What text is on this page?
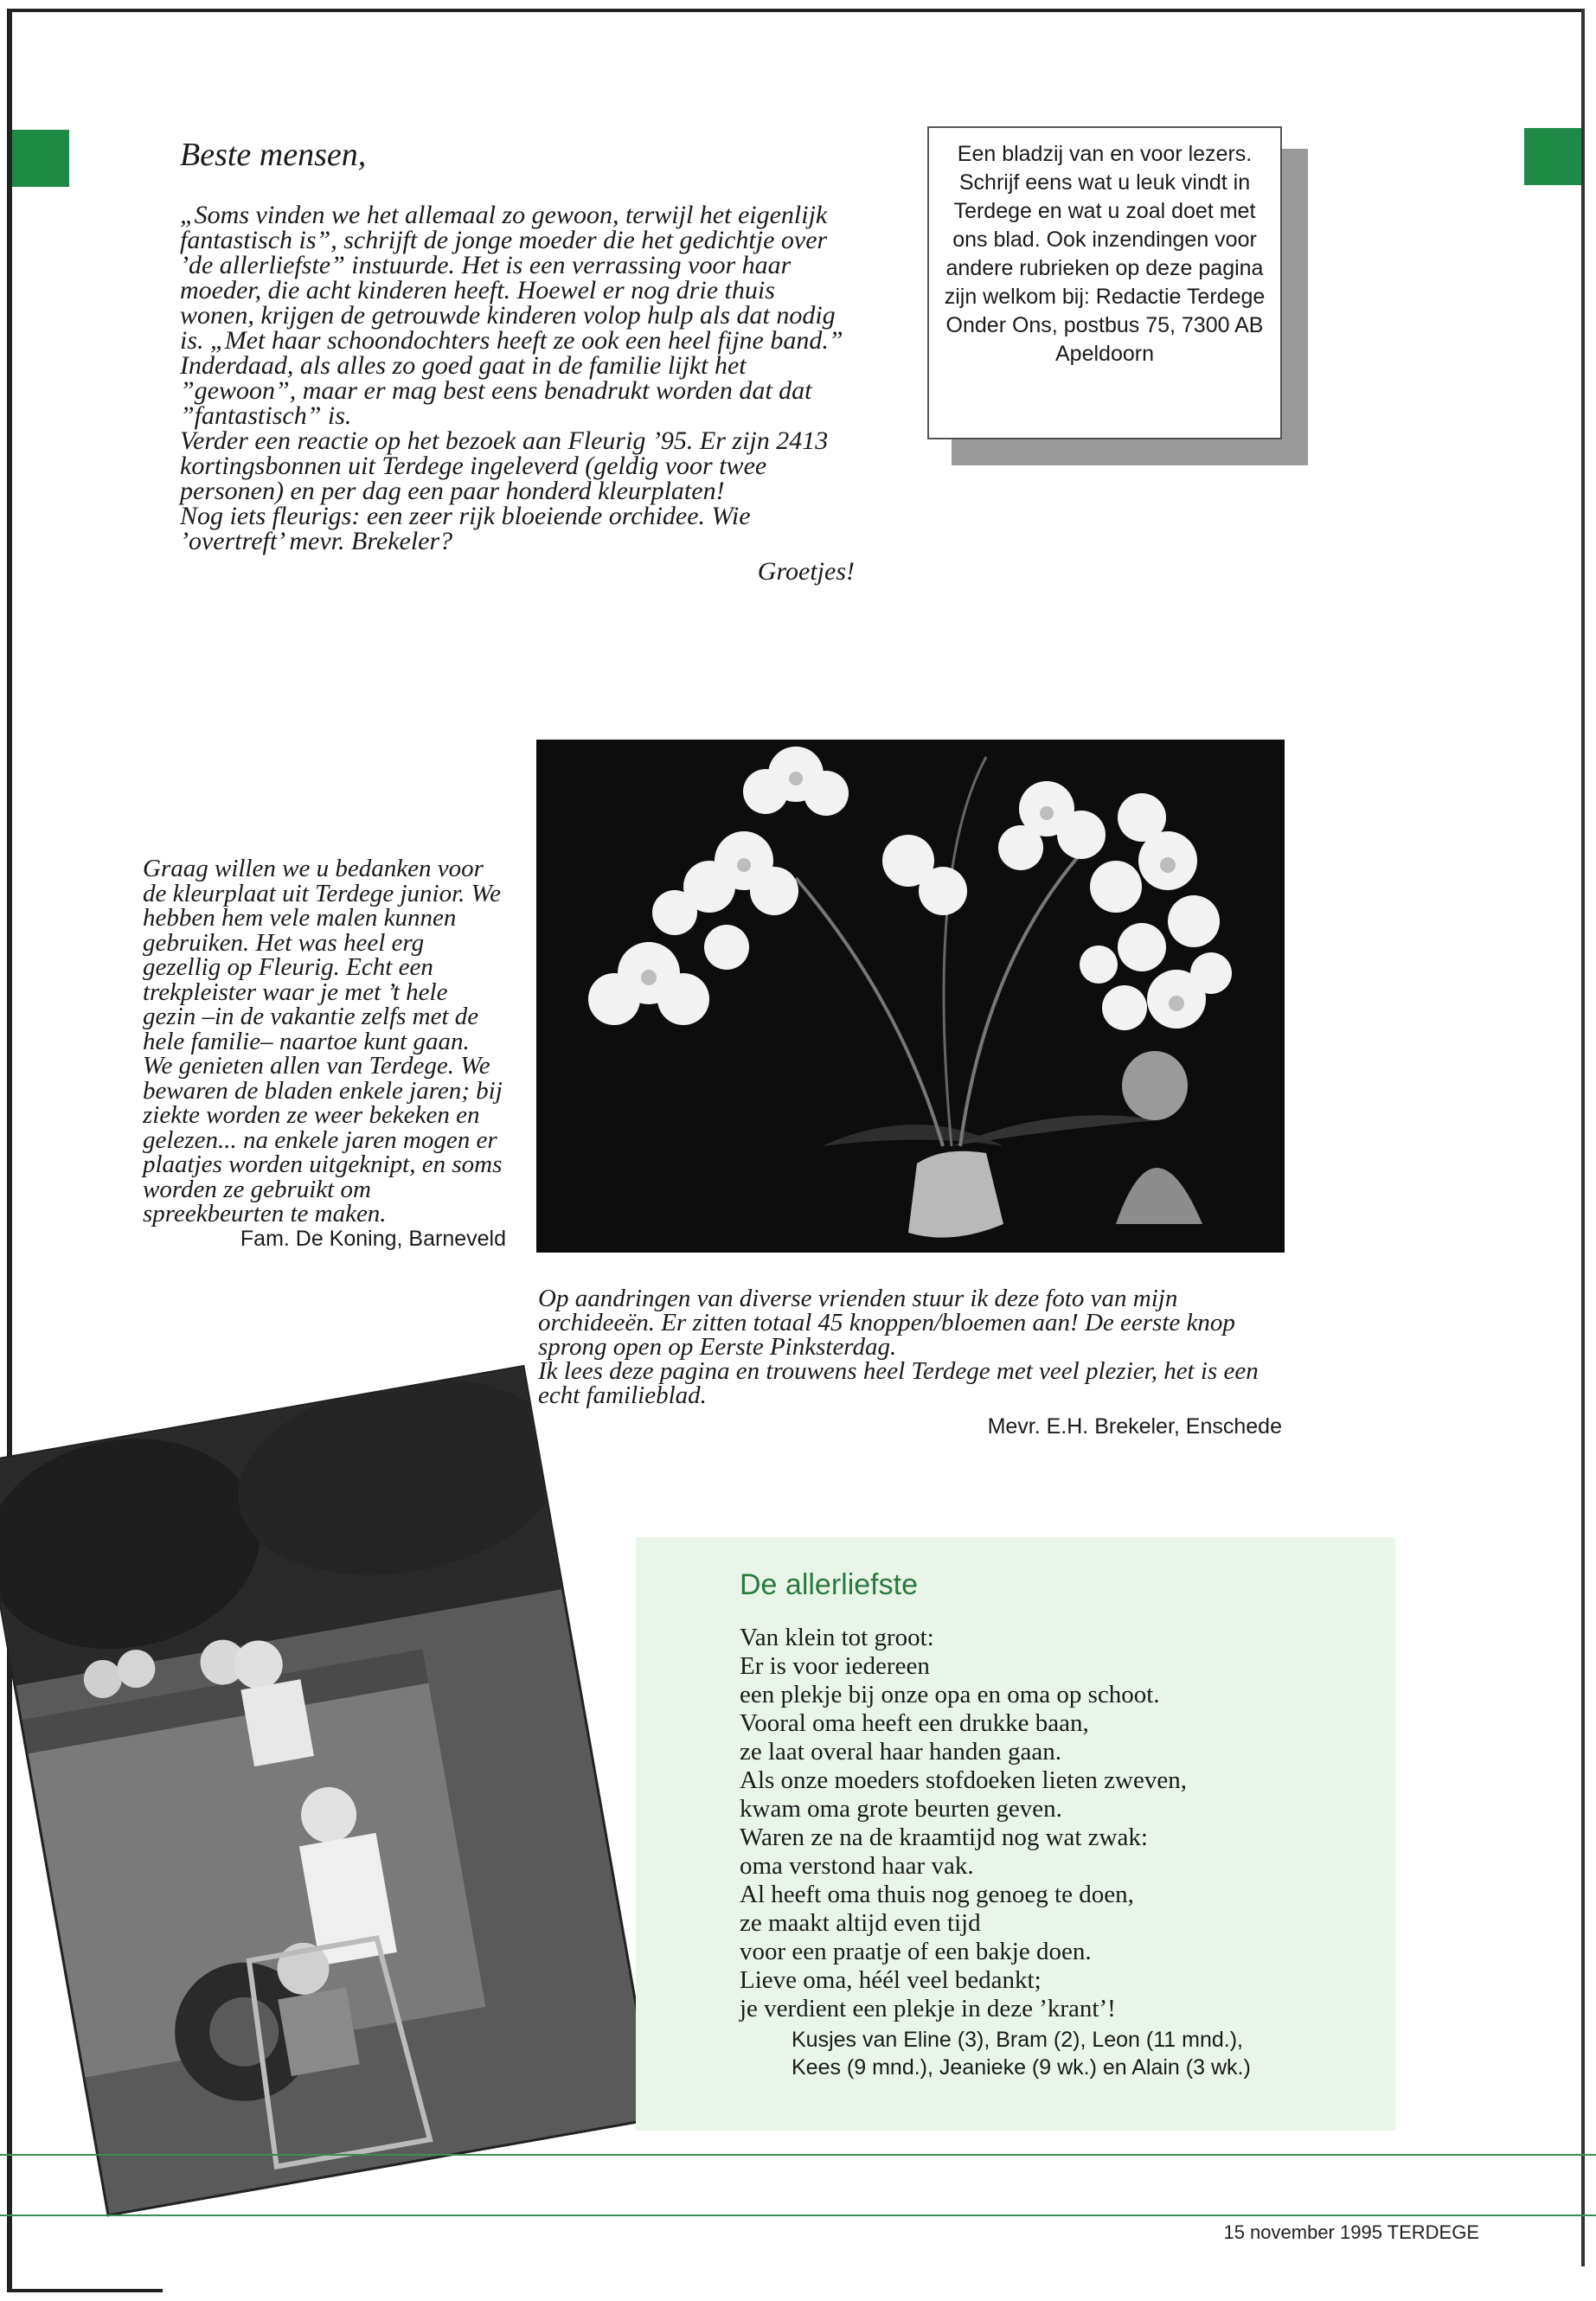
Beste mensen,

„Soms vinden we het allemaal zo gewoon, terwijl het eigenlijk fantastisch is”, schrijft de jonge moeder die het gedichtje over ’de allerliefste” instuurde. Het is een verrassing voor haar moeder, die acht kinderen heeft. Hoewel er nog drie thuis wonen, krijgen de getrouwde kinderen volop hulp als dat nodig is. „Met haar schoondochters heeft ze ook een heel fijne band.” Inderdaad, als alles zo goed gaat in de familie lijkt het ”gewoon”, maar er mag best eens benadrukt worden dat dat ”fantastisch” is.

Verder een reactie op het bezoek aan Fleurig ’95. Er zijn 2413 kortingsbonnen uit Terdege ingeleverd (geldig voor twee personen) en per dag een paar honderd kleurplaten!

Nog iets fleurigs: een zeer rijk bloeiende orchidee. Wie ’overtreft’ mevr. Brekeler?

Groetjes!
Een bladzij van en voor lezers. Schrijf eens wat u leuk vindt in Terdege en wat u zoal doet met ons blad. Ook inzendingen voor andere rubrieken op deze pagina zijn welkom bij: Redactie Terdege Onder Ons, postbus 75, 7300 AB Apeldoorn

Graag willen we u bedanken voor de kleurplaat uit Terdege junior. We hebben hem vele malen kunnen gebruiken. Het was heel erg gezellig op Fleurig. Echt een trekpleister waar je met ’t hele gezin –in de vakantie zelfs met de hele familie– naartoe kunt gaan.

We genieten allen van Terdege. We bewaren de bladen enkele jaren; bij ziekte worden ze weer bekeken en gelezen... na enkele jaren mogen er plaatjes worden uitgeknipt, en soms worden ze gebruikt om spreekbeurten te maken.

Fam. De Koning, Barneveld

Op aandringen van diverse vrienden stuur ik deze foto van mijn orchideeën. Er zitten totaal 45 knoppen/bloemen aan! De eerste knop sprong open op Eerste Pinksterdag.

Ik lees deze pagina en trouwens heel Terdege met veel plezier, het is een echt familieblad.

Mevr. E.H. Brekeler, Enschede
De allerliefste
Van klein tot groot:
Er is voor iedereen
een plekje bij onze opa en oma op schoot.
Vooral oma heeft een drukke baan,
ze laat overal haar handen gaan.
Als onze moeders stofdoeken lieten zweven,
kwam oma grote beurten geven.
Waren ze na de kraamtijd nog wat zwak:
oma verstond haar vak.
Al heeft oma thuis nog genoeg te doen,
ze maakt altijd even tijd
voor een praatje of een bakje doen.
Lieve oma, héél veel bedankt;
je verdient een plekje in deze ’krant’!
Kusjes van Eline (3), Bram (2), Leon (11 mnd.),
Kees (9 mnd.), Jeanieke (9 wk.) en Alain (3 wk.)
15 november 1995 TERDEGE
